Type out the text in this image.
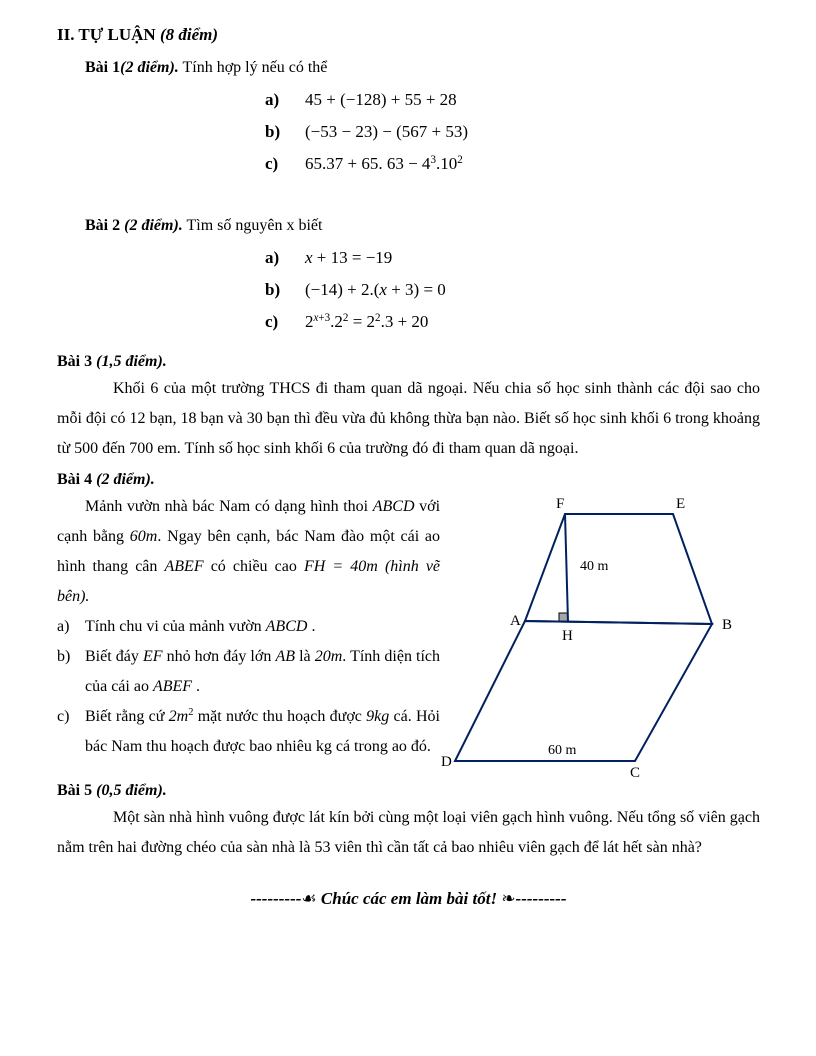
II. TỰ LUẬN (8 điểm)
Bài 1(2 điểm). Tính hợp lý nếu có thể
a)	45 + (−128) + 55 + 28
b) (−53 − 23) − (567 + 53)
c)	65.37 + 65. $63 - 4^3.10^2$
Bài 2 (2 điểm). Tìm số nguyên x biết
a)	x + 13 = −19
b) (−14) + 2.(x + 3) = 0
c)	$2^{x+3}.2^2 = 2^2.3 + 20$
Bài 3 (1,5 điểm).
Khối 6 của một trường THCS đi tham quan dã ngoại. Nếu chia số học sinh thành các đội sao cho mỗi đội có 12 bạn, 18 bạn và 30 bạn thì đều vừa đủ không thừa bạn nào. Biết số học sinh khối 6 trong khoảng từ 500 đến 700 em. Tính số học sinh khối 6 của trường đó đi tham quan dã ngoại.
Bài 4 (2 điểm).
F	E
A	B
H
D
C
40 m
60 m
Mảnh vườn nhà bác Nam có dạng hình thoi ABCD với cạnh bằng 60m. Ngay bên cạnh, bác Nam đào một cái ao hình thang cân ABEF có chiều cao FH = 40m (hình vẽ bên).
a) Tính chu vi của mảnh vườn ABCD .
b) Biết đáy EF nhỏ hơn đáy lớn AB là 20m. Tính diện tích của cái ao ABEF .
c) Biết rằng cứ $2m^2$ mặt nước thu hoạch được 9kg cá. Hỏi bác Nam thu hoạch được bao nhiêu kg cá trong ao đó.
Bài 5 (0,5 điểm).
Một sàn nhà hình vuông được lát kín bởi cùng một loại viên gạch hình vuông. Nếu tổng số viên gạch nằm trên hai đường chéo của sàn nhà là 53 viên thì cần tất cả bao nhiêu viên gạch để lát hết sàn nhà?
---------☙ Chúc các em làm bài tốt! ❧---------
